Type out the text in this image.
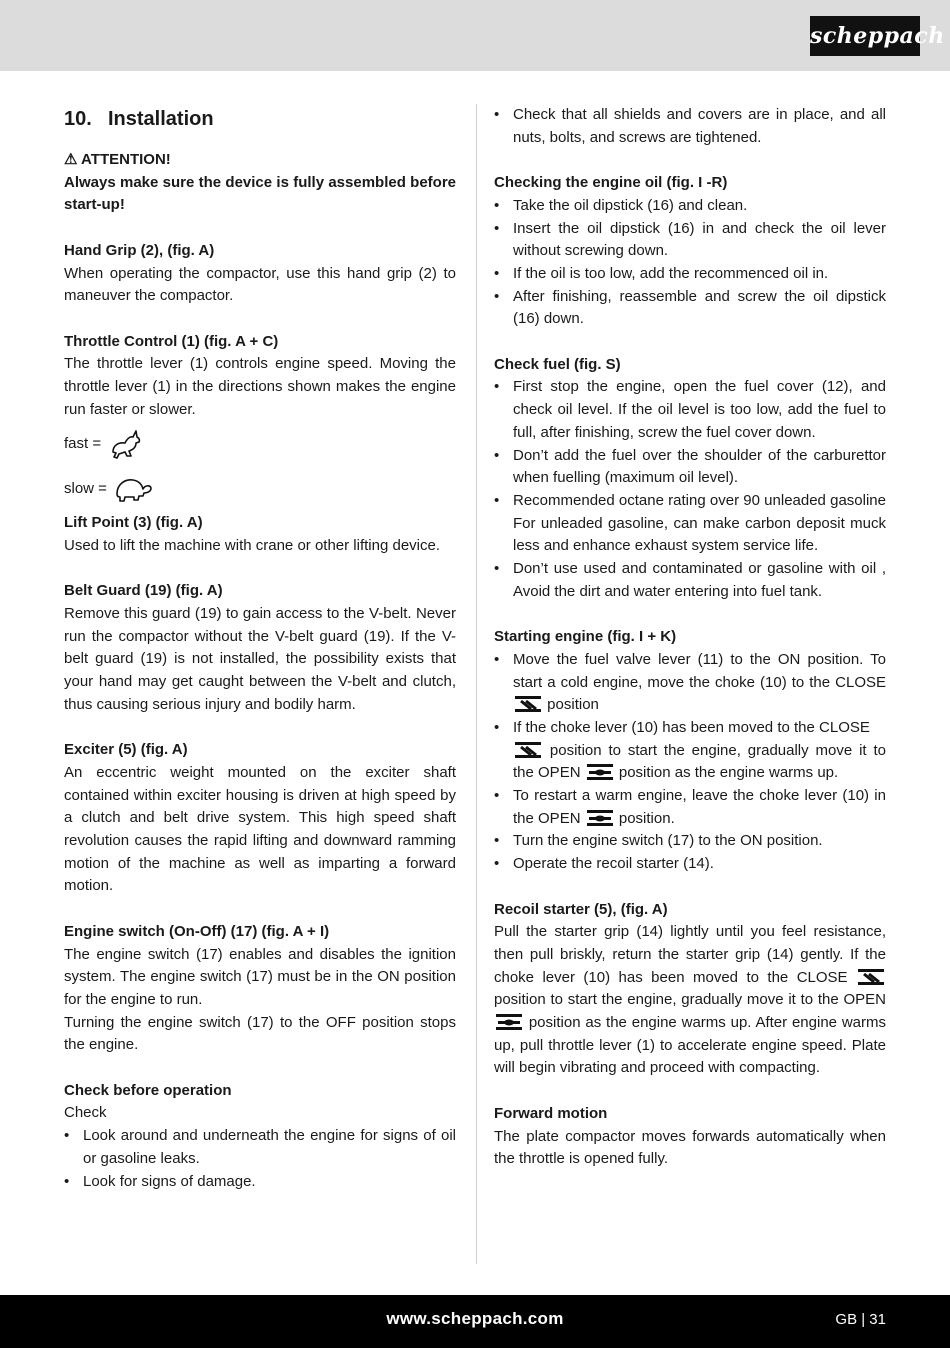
scheppach
10. Installation

⚠ ATTENTION!

Always make sure the device is fully assembled before start-up!

Hand Grip (2), (fig. A)

When operating the compactor, use this hand grip (2) to maneuver the compactor.

Throttle Control (1) (fig. A + C)

The throttle lever (1) controls engine speed. Moving the throttle lever (1) in the directions shown makes the engine run faster or slower.

fast =
slow =

Lift Point (3) (fig. A)

Used to lift the machine with crane or other lifting device.

Belt Guard (19) (fig. A)

Remove this guard (19) to gain access to the V-belt. Never run the compactor without the V-belt guard (19). If the V-belt guard (19) is not installed, the possibility exists that your hand may get caught between the V-belt and clutch, thus causing serious injury and bodily harm.

Exciter (5) (fig. A)

An eccentric weight mounted on the exciter shaft contained within exciter housing is driven at high speed by a clutch and belt drive system. This high speed shaft revolution causes the rapid lifting and downward ramming motion of the machine as well as imparting a forward motion.

Engine switch (On-Off) (17) (fig. A + I)

The engine switch (17) enables and disables the ignition system. The engine switch (17) must be in the ON position for the engine to run.

Turning the engine switch (17) to the OFF position stops the engine.

Check before operation

Check

• Look around and underneath the engine for signs of oil or gasoline leaks.
• Look for signs of damage.
• Check that all shields and covers are in place, and all nuts, bolts, and screws are tightened.

Checking the engine oil (fig. I -R)

• Take the oil dipstick (16) and clean.
• Insert the oil dipstick (16) in and check the oil lever without screwing down.
• If the oil is too low, add the recommenced oil in.
• After finishing, reassemble and screw the oil dipstick (16) down.

Check fuel (fig. S)

• First stop the engine, open the fuel cover (12), and check oil level. If the oil level is too low, add the fuel to full, after finishing, screw the fuel cover down.
• Don’t add the fuel over the shoulder of the carburettor when fuelling (maximum oil level).
• Recommended octane rating over 90 unleaded gasoline For unleaded gasoline, can make carbon deposit muck less and enhance exhaust system service life.
• Don’t use used and contaminated or gasoline with oil , Avoid the dirt and water entering into fuel tank.

Starting engine (fig. I + K)

• Move the fuel valve lever (11) to the ON position. To start a cold engine, move the choke (10) to the CLOSE  position
• If the choke lever (10) has been moved to the CLOSE
position to start the engine, gradually move it to the OPEN	position as the engine warms up.
• To restart a warm engine, leave the choke lever (10) in the OPEN	position.
• Turn the engine switch (17) to the ON position.
• Operate the recoil starter (14).

Recoil starter (5), (fig. A)

Pull the starter grip (14) lightly until you feel resistance, then pull briskly, return the starter grip (14) gently. If the choke lever (10) has been moved to the CLOSE  position to start the engine, gradually move it to the OPEN  position as the engine warms up. After engine warms up, pull throttle lever (1) to accelerate engine speed. Plate will begin vibrating and proceed with compacting.

Forward motion

The plate compactor moves forwards automatically when the throttle is opened fully.

www.scheppach.com	GB | 31
